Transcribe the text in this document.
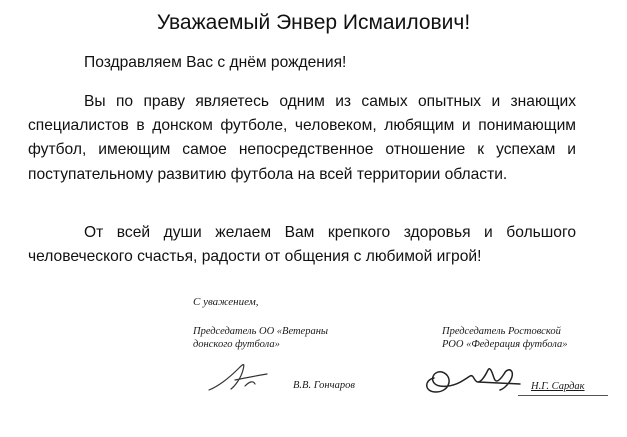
Уважаемый Энвер Исмаилович!
Поздравляем Вас с днём рождения!
Вы по праву являетесь одним из самых опытных и знающих специалистов в донском футболе, человеком, любящим и понимающим футбол, имеющим самое непосредственное отношение к успехам и поступательному развитию футбола на всей территории области.
От всей души желаем Вам крепкого здоровья и большого человеческого счастья, радости от общения с любимой игрой!
С уважением,
Председатель ОО «Ветераны
донского футбола»
Председатель Ростовской
РОО «Федерация футбола»
В.В. Гончаров	Н.Г. Сардак
